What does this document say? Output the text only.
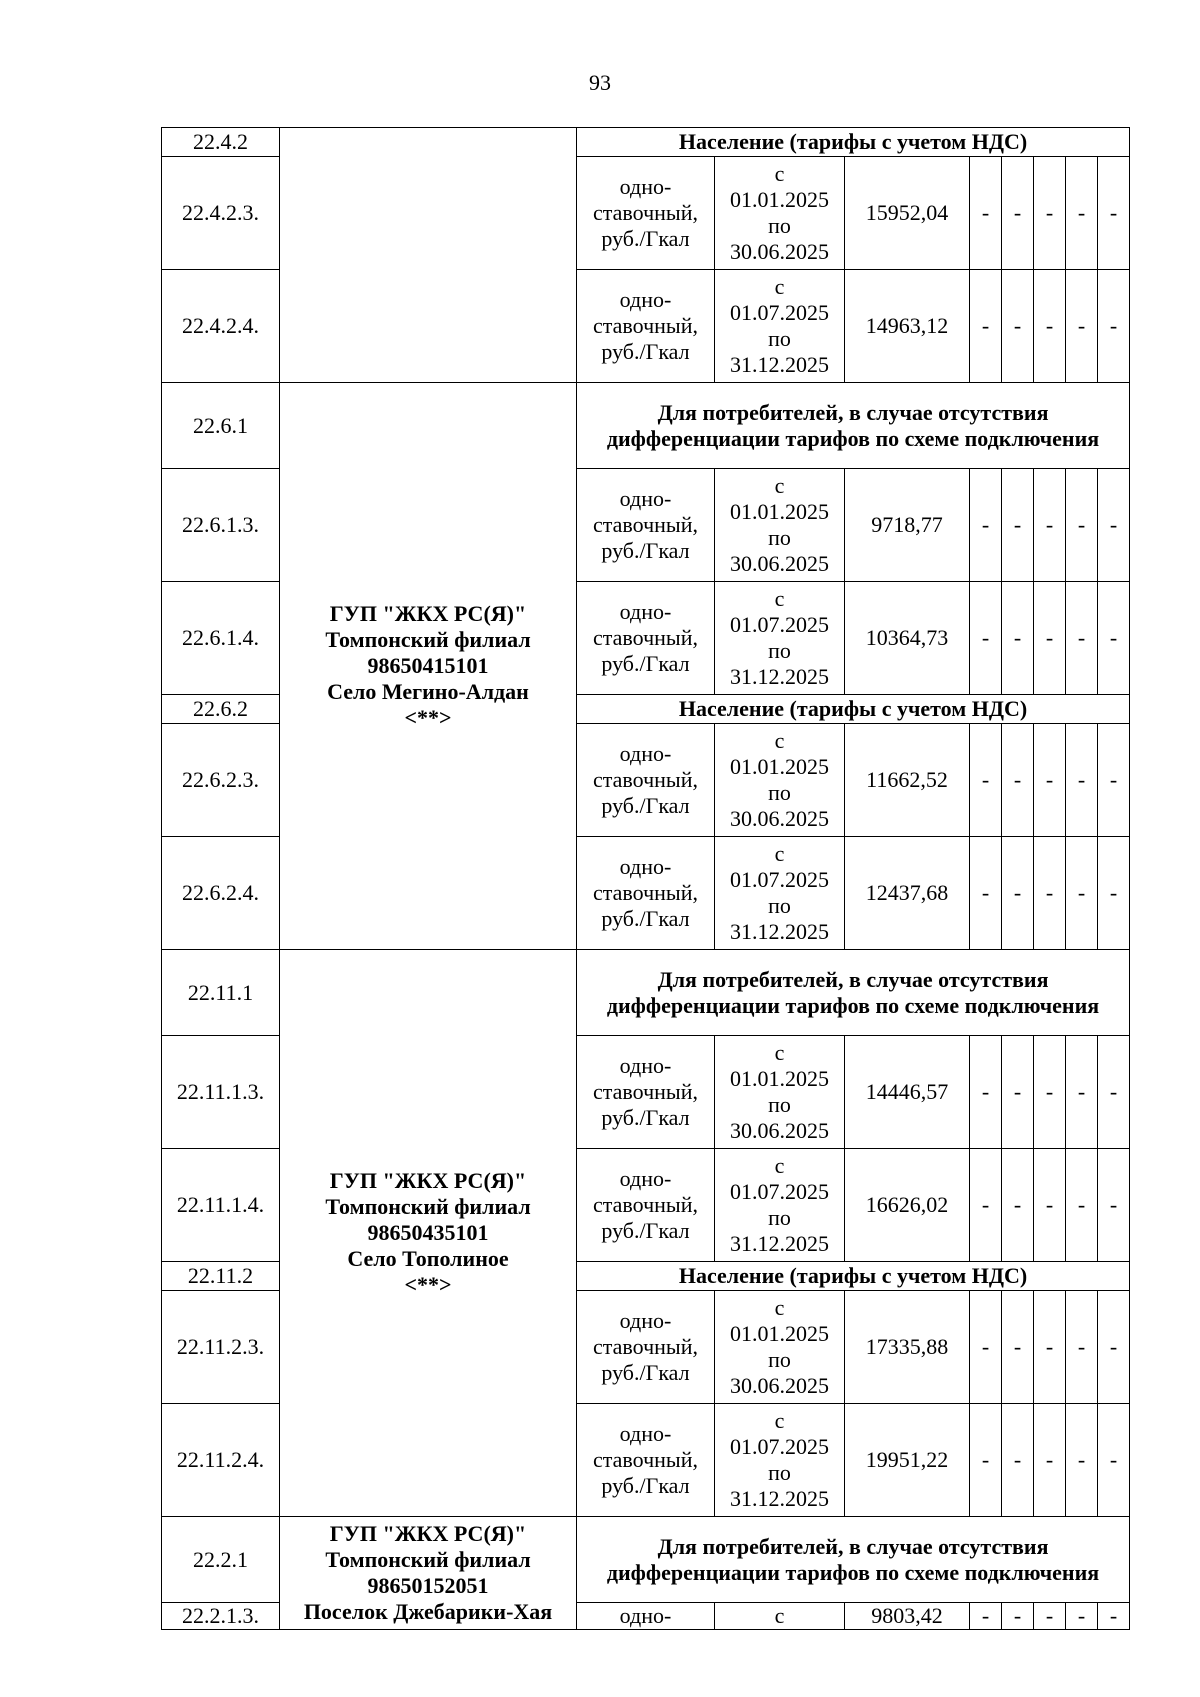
93
22.4.2		Население (тарифы с учетом НДС)							
22.4.2.3.		одно-
ставочный,
руб./Гкал	с
01.01.2025
по
30.06.2025	15952,04	-	-	-	-	-
22.4.2.4.		одно-
ставочный,
руб./Гкал	с
01.07.2025
по
31.12.2025	14963,12	-	-	-	-	-
22.6.1	ГУП "ЖКХ РС(Я)"
Томпонский филиал
98650415101
Село Мегино-Алдан
<**>	Для потребителей, в случае отсутствия дифференциации тарифов по схеме подключения							
22.6.1.3.		одно-
ставочный,
руб./Гкал	с
01.01.2025
по
30.06.2025	9718,77	-	-	-	-	-
22.6.1.4.		одно-
ставочный,
руб./Гкал	с
01.07.2025
по
31.12.2025	10364,73	-	-	-	-	-
22.6.2		Население (тарифы с учетом НДС)							
22.6.2.3.		одно-
ставочный,
руб./Гкал	с
01.01.2025
по
30.06.2025	11662,52	-	-	-	-	-
22.6.2.4.		одно-
ставочный,
руб./Гкал	с
01.07.2025
по
31.12.2025	12437,68	-	-	-	-	-
22.11.1	ГУП "ЖКХ РС(Я)"
Томпонский филиал
98650435101
Село Тополиное
<**>	Для потребителей, в случае отсутствия дифференциации тарифов по схеме подключения							
22.11.1.3.		одно-
ставочный,
руб./Гкал	с
01.01.2025
по
30.06.2025	14446,57	-	-	-	-	-
22.11.1.4.		одно-
ставочный,
руб./Гкал	с
01.07.2025
по
31.12.2025	16626,02	-	-	-	-	-
22.11.2		Население (тарифы с учетом НДС)							
22.11.2.3.		одно-
ставочный,
руб./Гкал	с
01.01.2025
по
30.06.2025	17335,88	-	-	-	-	-
22.11.2.4.		одно-
ставочный,
руб./Гкал	с
01.07.2025
по
31.12.2025	19951,22	-	-	-	-	-
22.2.1	ГУП "ЖКХ РС(Я)"
Томпонский филиал
98650152051
Поселок Джебарики-Хая	Для потребителей, в случае отсутствия дифференциации тарифов по схеме подключения							
22.2.1.3.		одно-	с	9803,42	-	-	-	-	-
